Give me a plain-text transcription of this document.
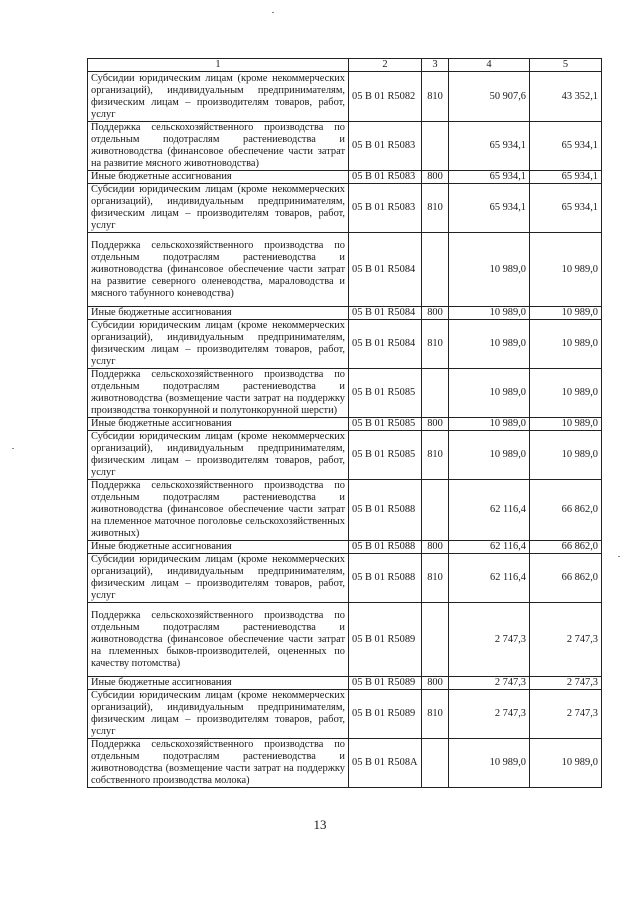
1	2	3	4	5
Субсидии юридическим лицам (кроме некоммерческих организаций), индивидуальным предпринимателям, физическим лицам – производителям товаров, работ, услуг	05 В 01 R5082	810	50 907,6	43 352,1
Поддержка сельскохозяйственного производства по отдельным подотраслям растениеводства и животноводства (финансовое обеспечение части затрат на развитие мясного животноводства)	05 В 01 R5083		65 934,1	65 934,1
Иные бюджетные ассигнования	05 В 01 R5083	800	65 934,1	65 934,1
Субсидии юридическим лицам (кроме некоммерческих организаций), индивидуальным предпринимателям, физическим лицам – производителям товаров, работ, услуг	05 В 01 R5083	810	65 934,1	65 934,1
Поддержка сельскохозяйственного производства по отдельным подотраслям растениеводства и животноводства (финансовое обеспечение части затрат на развитие северного оленеводства, мараловодства и мясного табунного коневодства)	05 В 01 R5084		10 989,0	10 989,0
Иные бюджетные ассигнования	05 В 01 R5084	800	10 989,0	10 989,0
Субсидии юридическим лицам (кроме некоммерческих организаций), индивидуальным предпринимателям, физическим лицам – производителям товаров, работ, услуг	05 В 01 R5084	810	10 989,0	10 989,0
Поддержка сельскохозяйственного производства по отдельным подотраслям растениеводства и животноводства (возмещение части затрат на поддержку производства тонкорунной и полутонкорунной шерсти)	05 В 01 R5085		10 989,0	10 989,0
Иные бюджетные ассигнования	05 В 01 R5085	800	10 989,0	10 989,0
Субсидии юридическим лицам (кроме некоммерческих организаций), индивидуальным предпринимателям, физическим лицам – производителям товаров, работ, услуг	05 В 01 R5085	810	10 989,0	10 989,0
Поддержка сельскохозяйственного производства по отдельным подотраслям растениеводства и животноводства (финансовое обеспечение части затрат на племенное маточное поголовье сельскохозяйственных животных)	05 В 01 R5088		62 116,4	66 862,0
Иные бюджетные ассигнования	05 В 01 R5088	800	62 116,4	66 862,0
Субсидии юридическим лицам (кроме некоммерческих организаций), индивидуальным предпринимателям, физическим лицам – производителям товаров, работ, услуг	05 В 01 R5088	810	62 116,4	66 862,0
Поддержка сельскохозяйственного производства по отдельным подотраслям растениеводства и животноводства (финансовое обеспечение части затрат на племенных быков-производителей, оцененных по качеству потомства)	05 В 01 R5089		2 747,3	2 747,3
Иные бюджетные ассигнования	05 В 01 R5089	800	2 747,3	2 747,3
Субсидии юридическим лицам (кроме некоммерческих организаций), индивидуальным предпринимателям, физическим лицам – производителям товаров, работ, услуг	05 В 01 R5089	810	2 747,3	2 747,3
Поддержка сельскохозяйственного производства по отдельным подотраслям растениеводства и животноводства (возмещение части затрат на поддержку собственного производства молока)	05 В 01 R508А		10 989,0	10 989,0
13
